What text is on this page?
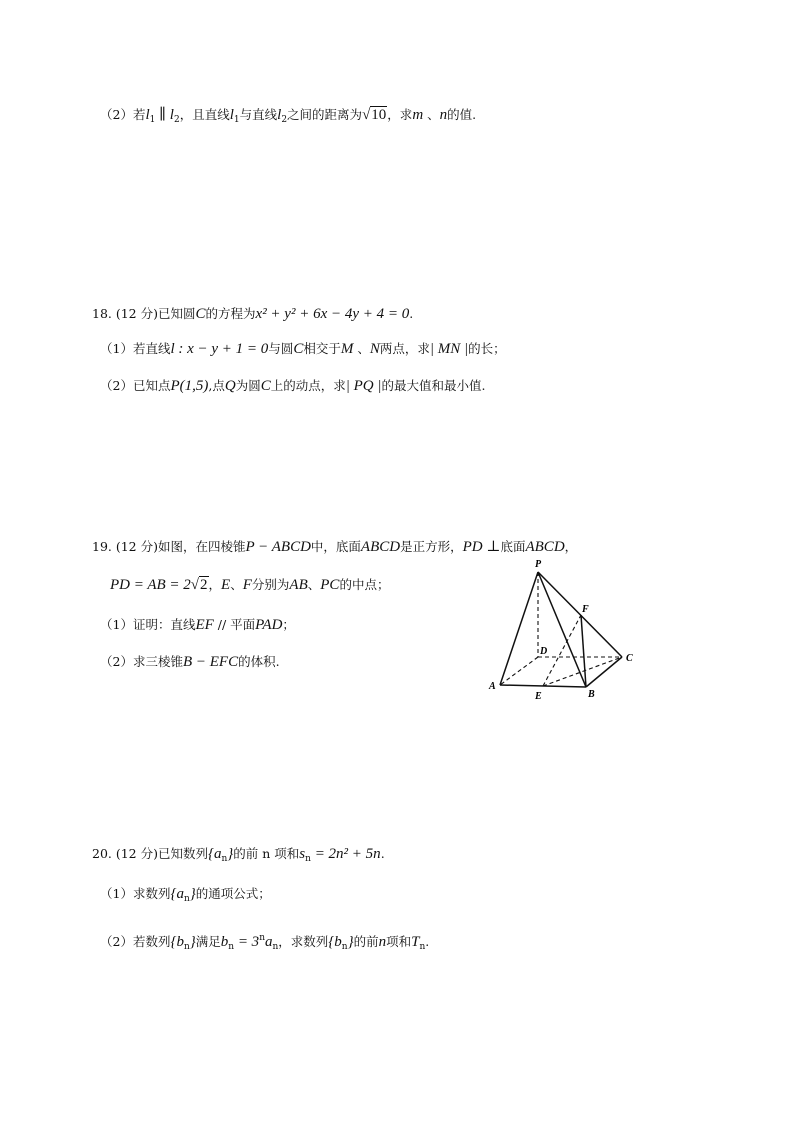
（2）若$l_1$ ∥ $l_2$，且直线$l_1$与直线$l_2$之间的距离为√10，求m 、n的值.
18. (12 分)已知圆C的方程为x² + y² + 6x − 4y + 4 = 0.
（1）若直线l : x − y + 1 = 0与圆C相交于M 、N两点，求| MN |的长；
（2）已知点P(1,5),点Q为圆C上的动点，求| PQ |的最大值和最小值.
19. (12 分)如图，在四棱锥P − ABCD中，底面ABCD是正方形，PD ⊥底面ABCD，
PD = AB = 2√2，E、F分别为AB、PC的中点；
（1）证明：直线EF // 平面PAD；
（2）求三棱锥B − EFC的体积.
P
F
D
C
A
E	B
20. (12 分)已知数列$\{a_n\}$的前 n 项和$s_n = 2n^2 + 5n$.
（1）求数列$\{a_n\}$的通项公式；
（2）若数列$\{b_n\}$满足$b_n = 3^na_n$，求数列$\{b_n\}$的前n项和$T_n$.
